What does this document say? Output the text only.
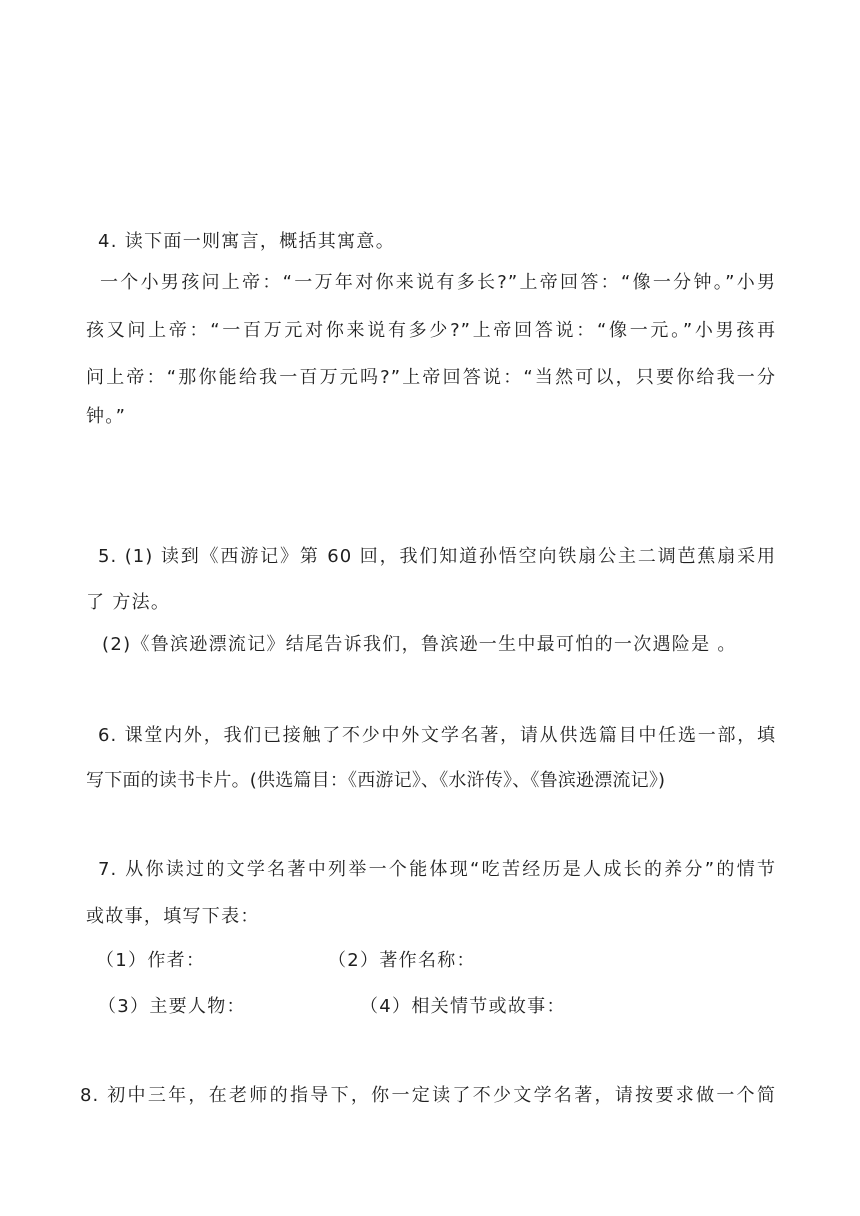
4. 读下面一则寓言，概括其寓意。
一个小男孩问上帝：“一万年对你来说有多长?”上帝回答：“像一分钟。”小男
孩又问上帝：“一百万元对你来说有多少?”上帝回答说：“像一元。”小男孩再
问上帝：“那你能给我一百万元吗?”上帝回答说：“当然可以，只要你给我一分
钟。”
5. (1) 读到《西游记》第 60 回，我们知道孙悟空向铁扇公主二调芭蕉扇采用
了 方法。
(2)《鲁滨逊漂流记》结尾告诉我们，鲁滨逊一生中最可怕的一次遇险是 。
6. 课堂内外，我们已接触了不少中外文学名著，请从供选篇目中任选一部，填
写下面的读书卡片。(供选篇目：《西游记》、《水浒传》、《鲁滨逊漂流记》)
7. 从你读过的文学名著中列举一个能体现“吃苦经历是人成长的养分”的情节
或故事，填写下表：
（1）作者：	（2）著作名称：
（3）主要人物：	（4）相关情节或故事：
8. 初中三年，在老师的指导下，你一定读了不少文学名著，请按要求做一个简
